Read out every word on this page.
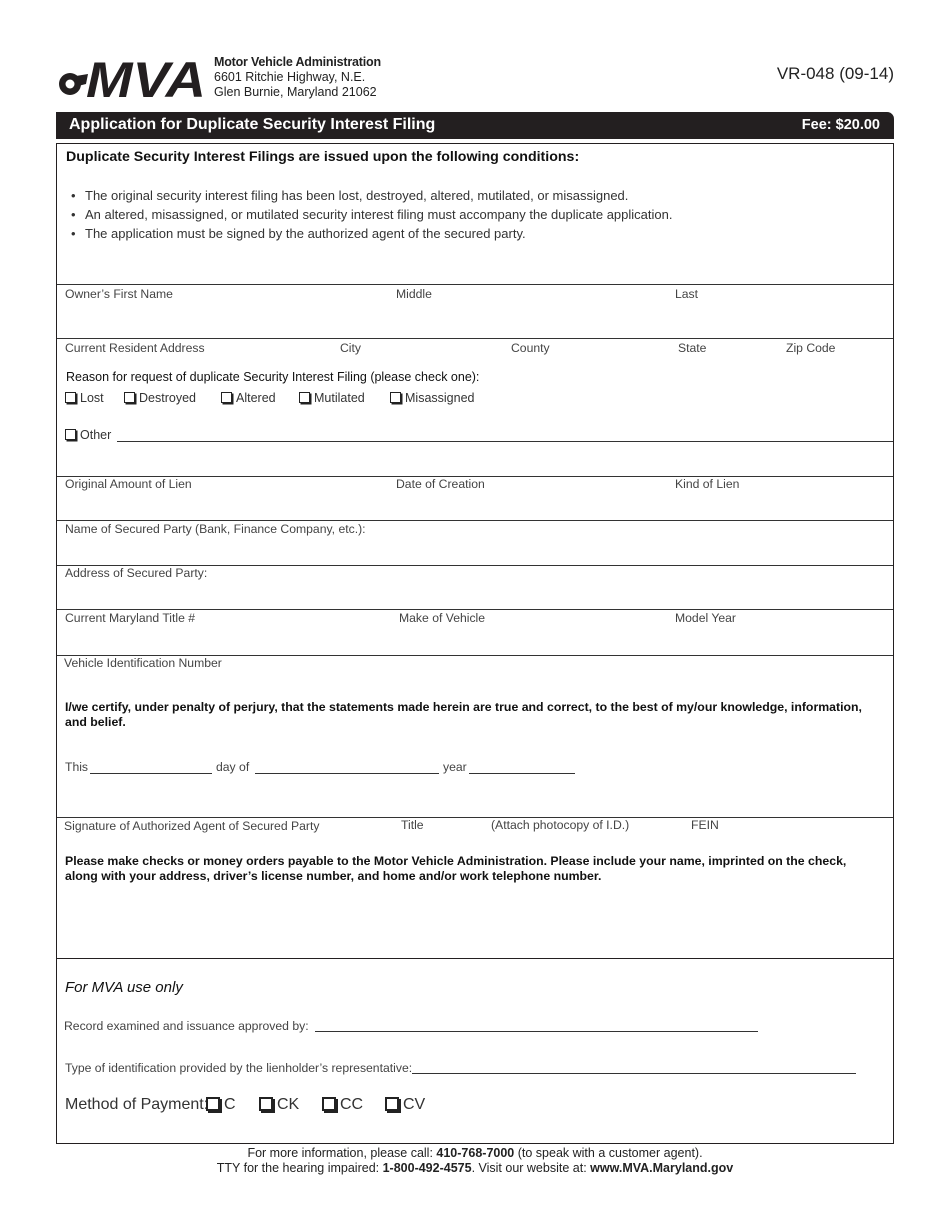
MVA Motor Vehicle Administration
6601 Ritchie Highway, N.E.
Glen Burnie, Maryland 21062
VR-048 (09-14)
Application for Duplicate Security Interest Filing	Fee: $20.00
Duplicate Security Interest Filings are issued upon the following conditions:
• The original security interest filing has been lost, destroyed, altered, mutilated, or misassigned.
• An altered, misassigned, or mutilated security interest filing must accompany the duplicate application.
• The application must be signed by the authorized agent of the secured party.
Owner’s First Name	Middle	Last
Current Resident Address	City	County	State	Zip Code
Reason for request of duplicate Security Interest Filing (please check one):
Lost	Destroyed	Altered	Mutilated	Misassigned
Other
Original Amount of Lien	Date of Creation	Kind of Lien
Name of Secured Party (Bank, Finance Company, etc.):
Address of Secured Party:
Current Maryland Title #	Make of Vehicle	Model Year
Vehicle Identification Number
I/we certify, under penalty of perjury, that the statements made herein are true and correct, to the best of my/our knowledge, information, and belief.
This	day of	year
Signature of Authorized Agent of Secured Party	Title	(Attach photocopy of I.D.)	FEIN
Please make checks or money orders payable to the Motor Vehicle Administration. Please include your name, imprinted on the check, along with your address, driver’s license number, and home and/or work telephone number.
For MVA use only
Record examined and issuance approved by:
Type of identification provided by the lienholder’s representative:
Method of Payment: C	CK	CC	CV
For more information, please call: 410-768-7000 (to speak with a customer agent).
TTY for the hearing impaired: 1-800-492-4575. Visit our website at: www.MVA.Maryland.gov
